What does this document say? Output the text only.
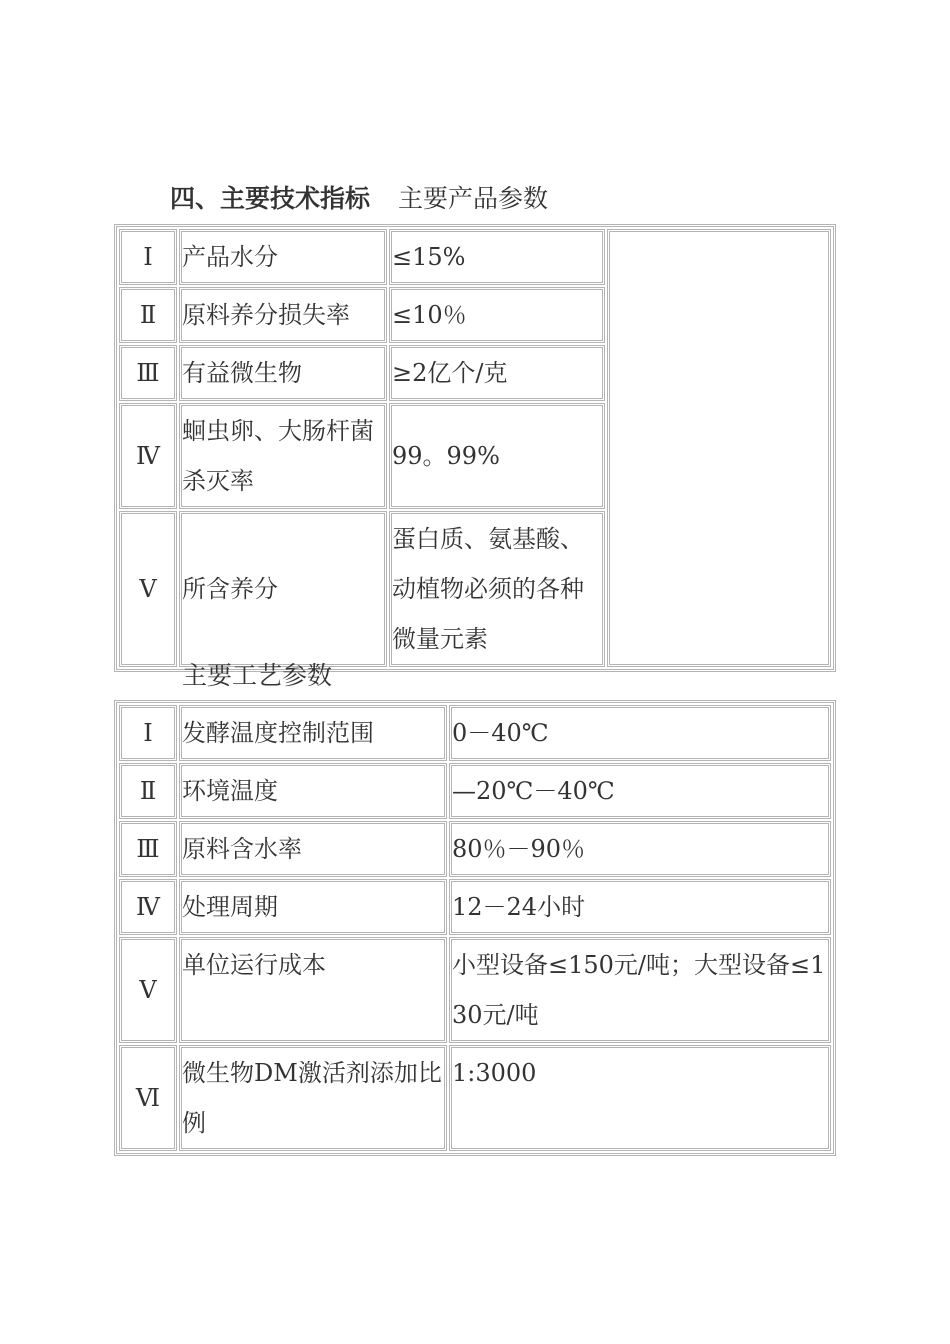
四、主要技术指标 主要产品参数
Ⅰ	产品水分	≤15%	
Ⅱ	原料养分损失率	≤10％	
Ⅲ	有益微生物	≥2亿个/克	
Ⅳ	蛔虫卵、大肠杆菌杀灭率	99。99%	
Ⅴ	所含养分	蛋白质、氨基酸、动植物必须的各种微量元素	
主要工艺参数
Ⅰ	发酵温度控制范围	0－40℃
Ⅱ	环境温度	—20℃－40℃
Ⅲ	原料含水率	80％－90％
Ⅳ	处理周期	12－24小时
Ⅴ	单位运行成本	小型设备≤150元/吨；大型设备≤130元/吨
Ⅵ	微生物DM激活剂添加比例	1:3000
